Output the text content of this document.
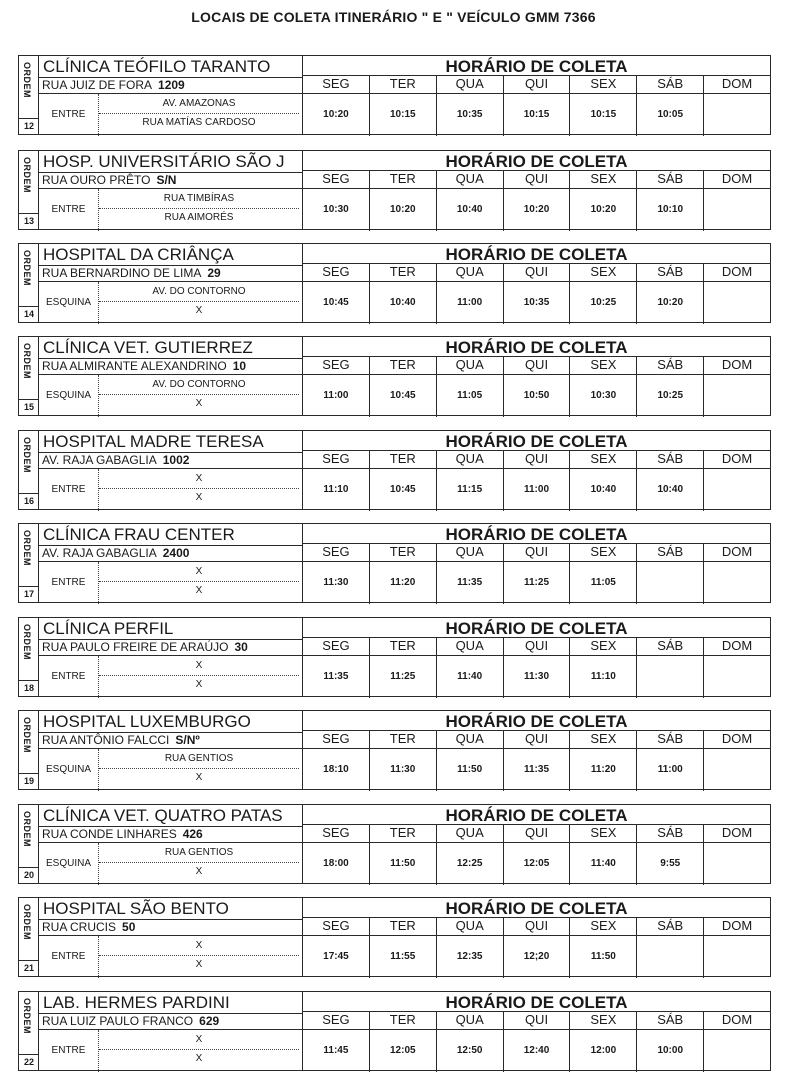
LOCAIS DE COLETA ITINERÁRIO " E " VEÍCULO GMM 7366
ORDEM
12
CLÍNICA TEÓFILO TARANTO
RUA JUIZ DE FORA 1209
ENTRE
AV. AMAZONAS
RUA MATÍAS CARDOSO
HORÁRIO DE COLETA
SEG	TER	QUA	QUI	SEX	SÁB	DOM
10:20	10:15	10:35	10:15	10:15	10:05
ORDEM
13
HOSP. UNIVERSITÁRIO SÃO J
RUA OURO PRÊTO S/N
ENTRE
RUA TIMBÍRAS
RUA AIMORÉS
HORÁRIO DE COLETA
SEG	TER	QUA	QUI	SEX	SÁB	DOM
10:30	10:20	10:40	10:20	10:20	10:10
ORDEM
14
HOSPITAL DA CRIÂNÇA
RUA BERNARDINO DE LIMA 29
ESQUINA
AV. DO CONTORNO
X
HORÁRIO DE COLETA
SEG	TER	QUA	QUI	SEX	SÁB	DOM
10:45	10:40	11:00	10:35	10:25	10:20
ORDEM
15
CLÍNICA VET. GUTIERREZ
RUA ALMIRANTE ALEXANDRINO 10
ESQUINA
AV. DO CONTORNO
X
HORÁRIO DE COLETA
SEG	TER	QUA	QUI	SEX	SÁB	DOM
11:00	10:45	11:05	10:50	10:30	10:25
ORDEM
16
HOSPITAL MADRE TERESA
AV. RAJA GABAGLIA 1002
ENTRE
X
X
HORÁRIO DE COLETA
SEG	TER	QUA	QUI	SEX	SÁB	DOM
11:10	10:45	11:15	11:00	10:40	10:40
ORDEM
17
CLÍNICA FRAU CENTER
AV. RAJA GABAGLIA 2400
ENTRE
X
X
HORÁRIO DE COLETA
SEG	TER	QUA	QUI	SEX	SÁB	DOM
11:30	11:20	11:35	11:25	11:05
ORDEM
18
CLÍNICA PERFIL
RUA PAULO FREIRE DE ARAÚJO 30
ENTRE
X
X
HORÁRIO DE COLETA
SEG	TER	QUA	QUI	SEX	SÁB	DOM
11:35	11:25	11:40	11:30	11:10
ORDEM
19
HOSPITAL LUXEMBURGO
RUA ANTÔNIO FALCCI S/Nº
ESQUINA
RUA GENTIOS
X
HORÁRIO DE COLETA
SEG	TER	QUA	QUI	SEX	SÁB	DOM
18:10	11:30	11:50	11:35	11:20	11:00
ORDEM
20
CLÍNICA VET. QUATRO PATAS
RUA CONDE LINHARES 426
ESQUINA
RUA GENTIOS
X
HORÁRIO DE COLETA
SEG	TER	QUA	QUI	SEX	SÁB	DOM
18:00	11:50	12:25	12:05	11:40	9:55
ORDEM
21
HOSPITAL SÃO BENTO
RUA CRUCIS 50
ENTRE
X
X
HORÁRIO DE COLETA
SEG	TER	QUA	QUI	SEX	SÁB	DOM
17:45	11:55	12:35	12;20	11:50
ORDEM
22
LAB. HERMES PARDINI
RUA LUIZ PAULO FRANCO 629
ENTRE
X
X
HORÁRIO DE COLETA
SEG	TER	QUA	QUI	SEX	SÁB	DOM
11:45	12:05	12:50	12:40	12:00	10:00
